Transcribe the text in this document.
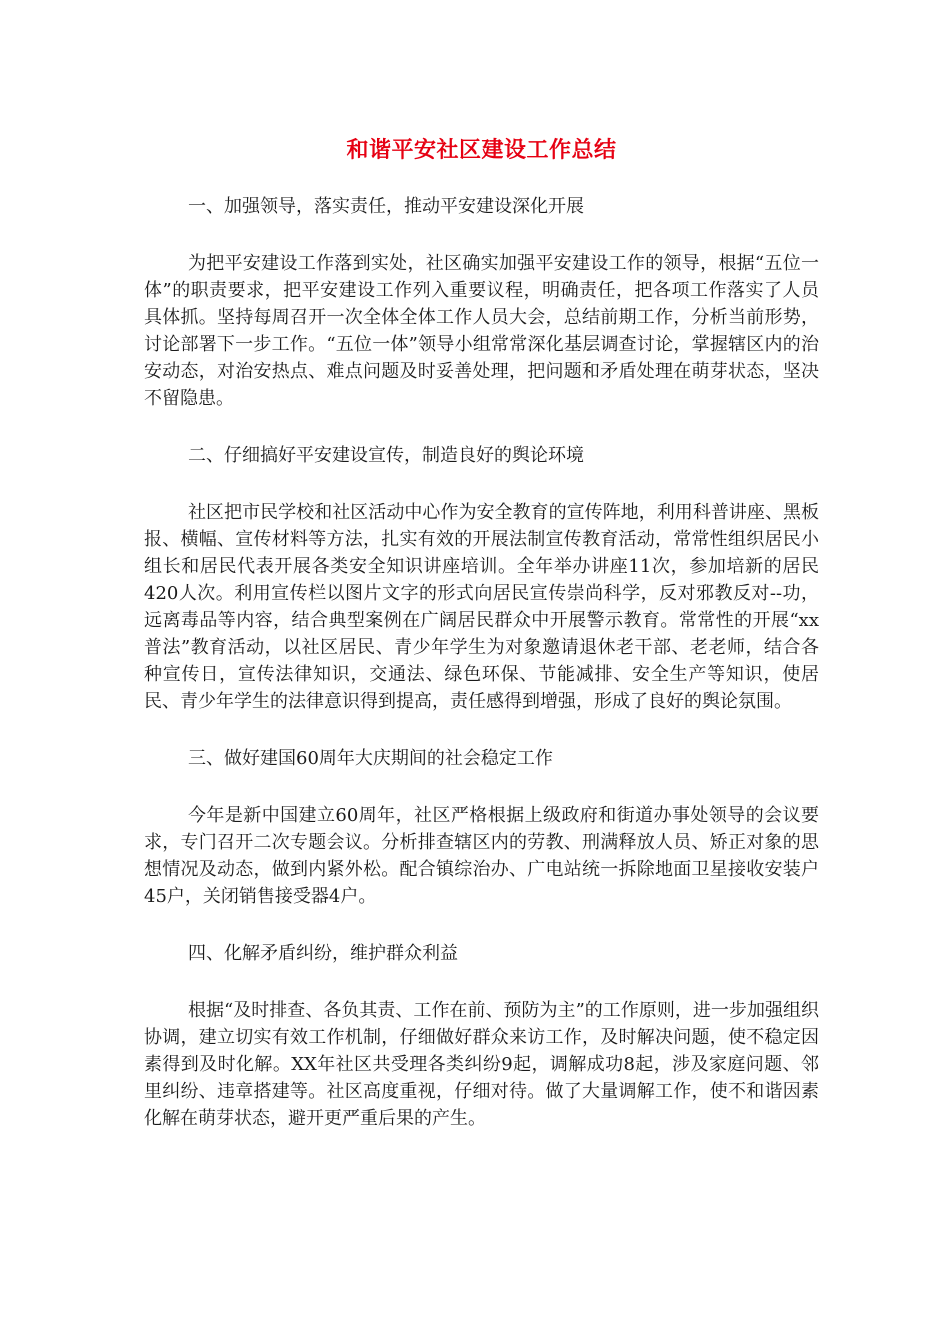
和谐平安社区建设工作总结

一、加强领导，落实责任，推动平安建设深化开展

为把平安建设工作落到实处，社区确实加强平安建设工作的领导，根据“五位一体”的职责要求，把平安建设工作列入重要议程，明确责任，把各项工作落实了人员具体抓。坚持每周召开一次全体全体工作人员大会，总结前期工作，分析当前形势，讨论部署下一步工作。“五位一体”领导小组常常深化基层调查讨论，掌握辖区内的治安动态，对治安热点、难点问题及时妥善处理，把问题和矛盾处理在萌芽状态，坚决不留隐患。

二、仔细搞好平安建设宣传，制造良好的舆论环境

社区把市民学校和社区活动中心作为安全教育的宣传阵地，利用科普讲座、黑板报、横幅、宣传材料等方法，扎实有效的开展法制宣传教育活动，常常性组织居民小组长和居民代表开展各类安全知识讲座培训。全年举办讲座11次，参加培新的居民420人次。利用宣传栏以图片文字的形式向居民宣传崇尚科学，反对邪教反对--功，远离毒品等内容，结合典型案例在广阔居民群众中开展警示教育。常常性的开展“xx普法”教育活动，以社区居民、青少年学生为对象邀请退休老干部、老老师，结合各种宣传日，宣传法律知识，交通法、绿色环保、节能减排、安全生产等知识，使居民、青少年学生的法律意识得到提高，责任感得到增强，形成了良好的舆论氛围。

三、做好建国60周年大庆期间的社会稳定工作

今年是新中国建立60周年，社区严格根据上级政府和街道办事处领导的会议要求，专门召开二次专题会议。分析排查辖区内的劳教、刑满释放人员、矫正对象的思想情况及动态，做到内紧外松。配合镇综治办、广电站统一拆除地面卫星接收安装户45户，关闭销售接受器4户。

四、化解矛盾纠纷，维护群众利益

根据“及时排查、各负其责、工作在前、预防为主”的工作原则，进一步加强组织协调，建立切实有效工作机制，仔细做好群众来访工作，及时解决问题，使不稳定因素得到及时化解。XX年社区共受理各类纠纷9起，调解成功8起，涉及家庭问题、邻里纠纷、违章搭建等。社区高度重视，仔细对待。做了大量调解工作，使不和谐因素化解在萌芽状态，避开更严重后果的产生。
